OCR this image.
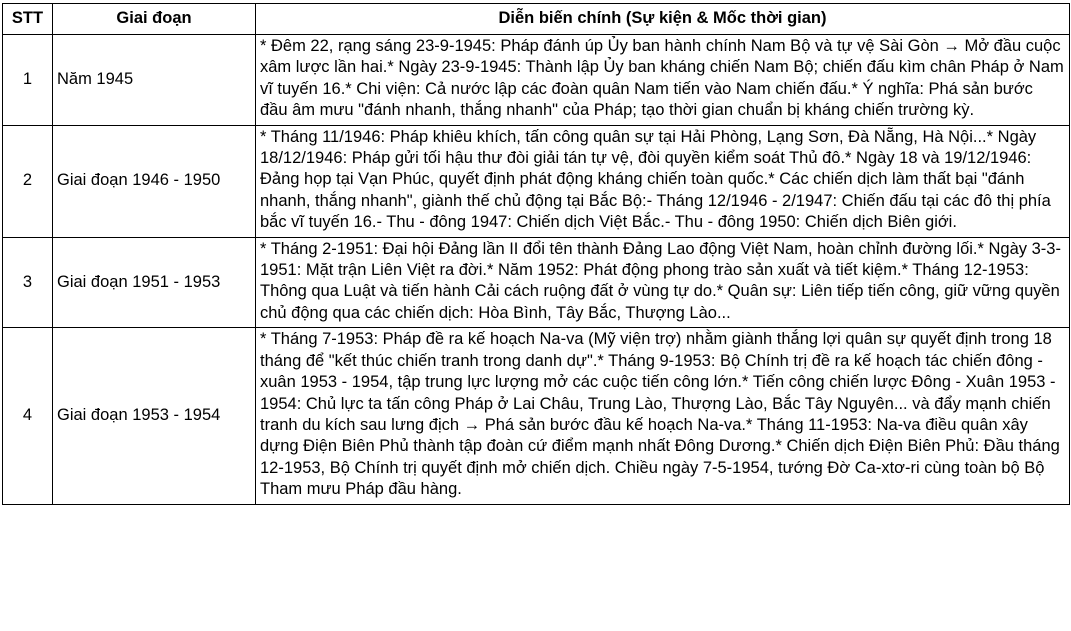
STT	Giai đoạn	Diễn biến chính (Sự kiện & Mốc thời gian)
1	Năm 1945	* Đêm 22, rạng sáng 23-9-1945: Pháp đánh úp Ủy ban hành chính Nam Bộ và tự vệ Sài Gòn → Mở đầu cuộc xâm lược lần hai.* Ngày 23-9-1945: Thành lập Ủy ban kháng chiến Nam Bộ; chiến đấu kìm chân Pháp ở Nam vĩ tuyến 16.* Chi viện: Cả nước lập các đoàn quân Nam tiến vào Nam chiến đấu.* Ý nghĩa: Phá sản bước đầu âm mưu "đánh nhanh, thắng nhanh" của Pháp; tạo thời gian chuẩn bị kháng chiến trường kỳ.
2	Giai đoạn 1946 - 1950	* Tháng 11/1946: Pháp khiêu khích, tấn công quân sự tại Hải Phòng, Lạng Sơn, Đà Nẵng, Hà Nội...* Ngày 18/12/1946: Pháp gửi tối hậu thư đòi giải tán tự vệ, đòi quyền kiểm soát Thủ đô.* Ngày 18 và 19/12/1946: Đảng họp tại Vạn Phúc, quyết định phát động kháng chiến toàn quốc.* Các chiến dịch làm thất bại "đánh nhanh, thắng nhanh", giành thế chủ động tại Bắc Bộ:- Tháng 12/1946 - 2/1947: Chiến đấu tại các đô thị phía bắc vĩ tuyến 16.- Thu - đông 1947: Chiến dịch Việt Bắc.- Thu - đông 1950: Chiến dịch Biên giới.
3	Giai đoạn 1951 - 1953	* Tháng 2-1951: Đại hội Đảng lần II đổi tên thành Đảng Lao động Việt Nam, hoàn chỉnh đường lối.* Ngày 3-3-1951: Mặt trận Liên Việt ra đời.* Năm 1952: Phát động phong trào sản xuất và tiết kiệm.* Tháng 12-1953: Thông qua Luật và tiến hành Cải cách ruộng đất ở vùng tự do.* Quân sự: Liên tiếp tiến công, giữ vững quyền chủ động qua các chiến dịch: Hòa Bình, Tây Bắc, Thượng Lào...
4	Giai đoạn 1953 - 1954	* Tháng 7-1953: Pháp đề ra kế hoạch Na-va (Mỹ viện trợ) nhằm giành thắng lợi quân sự quyết định trong 18 tháng để "kết thúc chiến tranh trong danh dự".* Tháng 9-1953: Bộ Chính trị đề ra kế hoạch tác chiến đông - xuân 1953 - 1954, tập trung lực lượng mở các cuộc tiến công lớn.* Tiến công chiến lược Đông - Xuân 1953 - 1954: Chủ lực ta tấn công Pháp ở Lai Châu, Trung Lào, Thượng Lào, Bắc Tây Nguyên... và đẩy mạnh chiến tranh du kích sau lưng địch → Phá sản bước đầu kế hoạch Na-va.* Tháng 11-1953: Na-va điều quân xây dựng Điện Biên Phủ thành tập đoàn cứ điểm mạnh nhất Đông Dương.* Chiến dịch Điện Biên Phủ: Đầu tháng 12-1953, Bộ Chính trị quyết định mở chiến dịch. Chiều ngày 7-5-1954, tướng Đờ Ca-xtơ-ri cùng toàn bộ Bộ Tham mưu Pháp đầu hàng.
